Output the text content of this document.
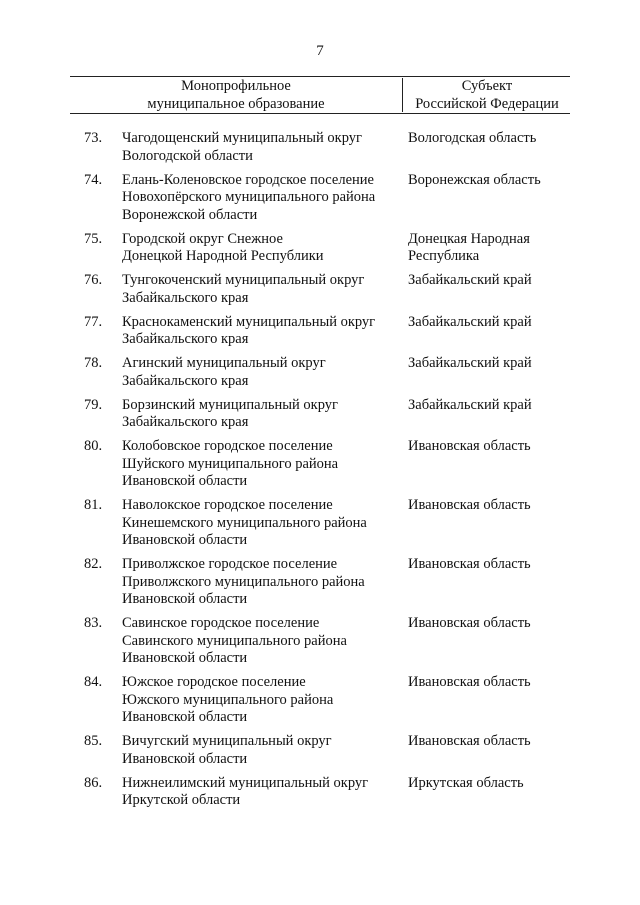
7
Монопрофильное
муниципальное образование
Субъект
Российской Федерации
73. Чагодощенский муниципальный округ
Вологодской области
Вологодская область
74. Елань-Коленовское городское поселение
Новохопёрского муниципального района
Воронежской области
Воронежская область
75. Городской округ Снежное
Донецкой Народной Республики
Донецкая Народная
Республика
76. Тунгокоченский муниципальный округ
Забайкальского края
Забайкальский край
77. Краснокаменский муниципальный округ
Забайкальского края
Забайкальский край
78. Агинский муниципальный округ
Забайкальского края
Забайкальский край
79. Борзинский муниципальный округ
Забайкальского края
Забайкальский край
80. Колобовское городское поселение
Шуйского муниципального района
Ивановской области
Ивановская область
81. Наволокское городское поселение
Кинешемского муниципального района
Ивановской области
Ивановская область
82. Приволжское городское поселение
Приволжского муниципального района
Ивановской области
Ивановская область
83. Савинское городское поселение
Савинского муниципального района
Ивановской области
Ивановская область
84. Южское городское поселение
Южского муниципального района
Ивановской области
Ивановская область
85. Вичугский муниципальный округ
Ивановской области
Ивановская область
86. Нижнеилимский муниципальный округ
Иркутской области
Иркутская область
